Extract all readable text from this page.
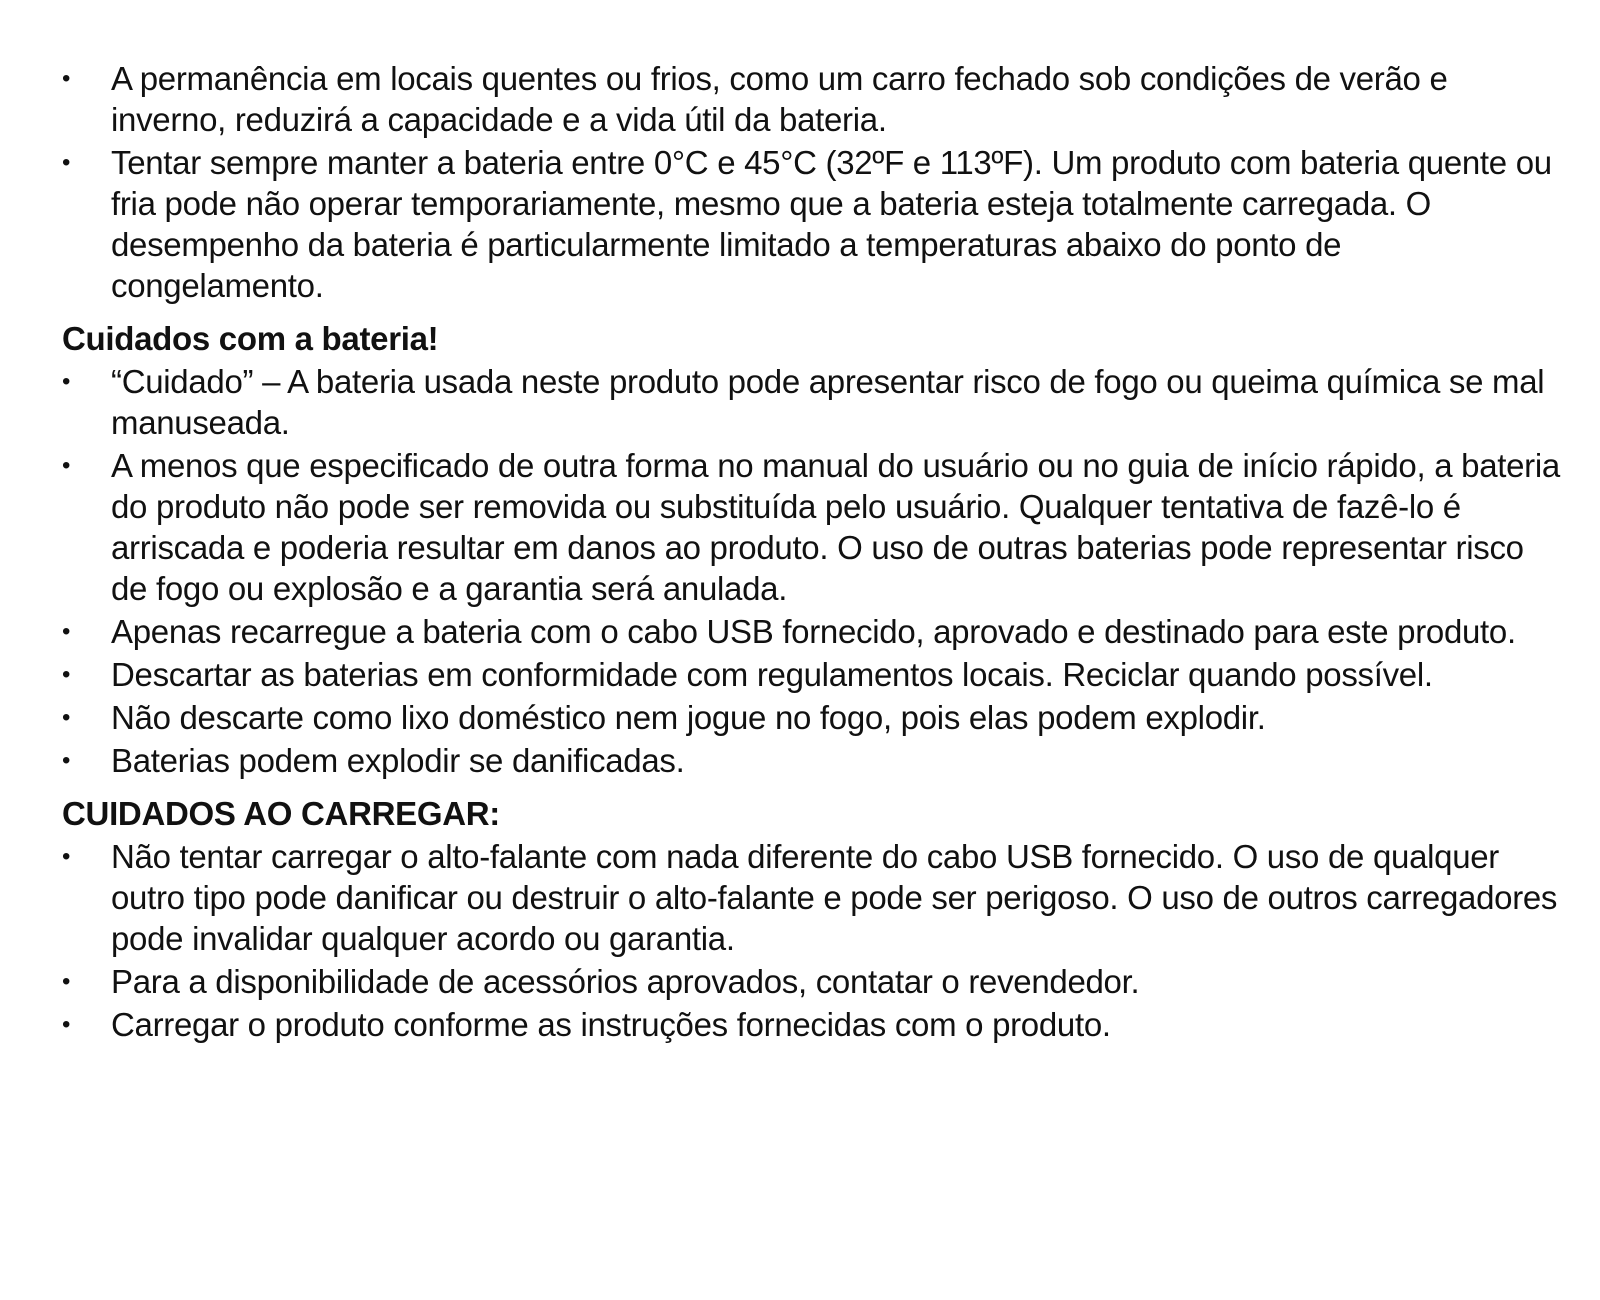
•	A permanência em locais quentes ou frios, como um carro fechado sob condições de verão e inverno, reduzirá a capacidade e a vida útil da bateria.
•	Tentar sempre manter a bateria entre 0°C e 45°C (32ºF e 113ºF). Um produto com bateria quente ou fria pode não operar temporariamente, mesmo que a bateria esteja totalmente carregada. O desempenho da bateria é particularmente limitado a temperaturas abaixo do ponto de congelamento.
Cuidados com a bateria!
•	“Cuidado” – A bateria usada neste produto pode apresentar risco de fogo ou queima química se mal manuseada.
•	A menos que especificado de outra forma no manual do usuário ou no guia de início rápido, a bateria do produto não pode ser removida ou substituída pelo usuário. Qualquer tentativa de fazê-lo é arriscada e poderia resultar em danos ao produto. O uso de outras baterias pode representar risco de fogo ou explosão e a garantia será anulada.
•	Apenas recarregue a bateria com o cabo USB fornecido, aprovado e destinado para este produto.
•	Descartar as baterias em conformidade com regulamentos locais. Reciclar quando possível.
•	Não descarte como lixo doméstico nem jogue no fogo, pois elas podem explodir.
•	Baterias podem explodir se danificadas.
CUIDADOS AO CARREGAR:
•	Não tentar carregar o alto-falante com nada diferente do cabo USB fornecido. O uso de qualquer outro tipo pode danificar ou destruir o alto-falante e pode ser perigoso. O uso de outros carregadores pode invalidar qualquer acordo ou garantia.
•	Para a disponibilidade de acessórios aprovados, contatar o revendedor.
•	Carregar o produto conforme as instruções fornecidas com o produto.
